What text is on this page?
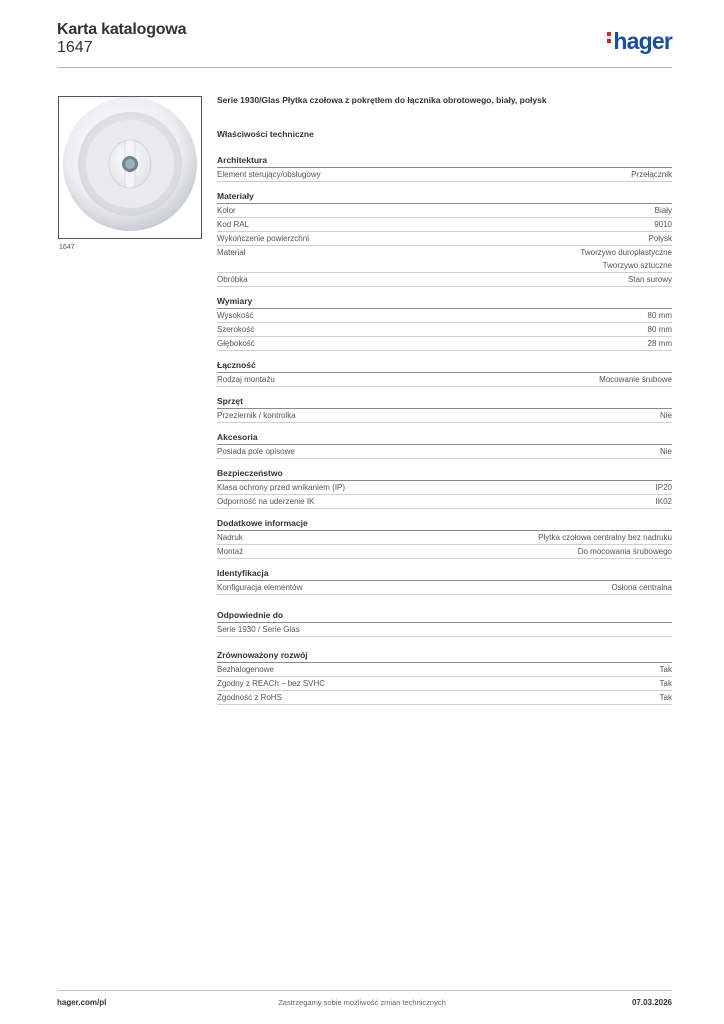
Karta katalogowa
1647	hager
1647
Serie 1930/Glas Płytka czołowa z pokrętłem do łącznika obrotowego, biały, połysk
Właściwości techniczne
Architektura
Element sterujący/obsługowy	Przełącznik
Materiały
Kolor	Biały
Kod RAL	9010
Wykończenie powierzchni	Połysk
Materiał	Tworzywo duroplastyczne
Tworzywo sztuczne
Obróbka	Stan surowy
Wymiary
Wysokość	80 mm
Szerokość	80 mm
Głębokość	28 mm
Łączność
Rodzaj montażu	Mocowanie śrubowe
Sprzęt
Przeziernik / kontrolka	Nie
Akcesoria
Posiada pole opisowe	Nie
Bezpieczeństwo
Klasa ochrony przed wnikaniem (IP)	IP20
Odporność na uderzenie IK	IK02
Dodatkowe informacje
Nadruk	Płytka czołowa centralny bez nadruku
Montaż	Do mocowania śrubowego
Identyfikacja
Konfiguracja elementów	Osłona centralna
Odpowiednie do
Serie 1930 / Serie Glas
Zrównoważony rozwój
Bezhalogenowe	Tak
Zgodny z REACh – bez SVHC	Tak
Zgodność z RoHS	Tak
hager.com/pl	Zastrzegamy sobie możliwość zmian technicznych	07.03.2026
